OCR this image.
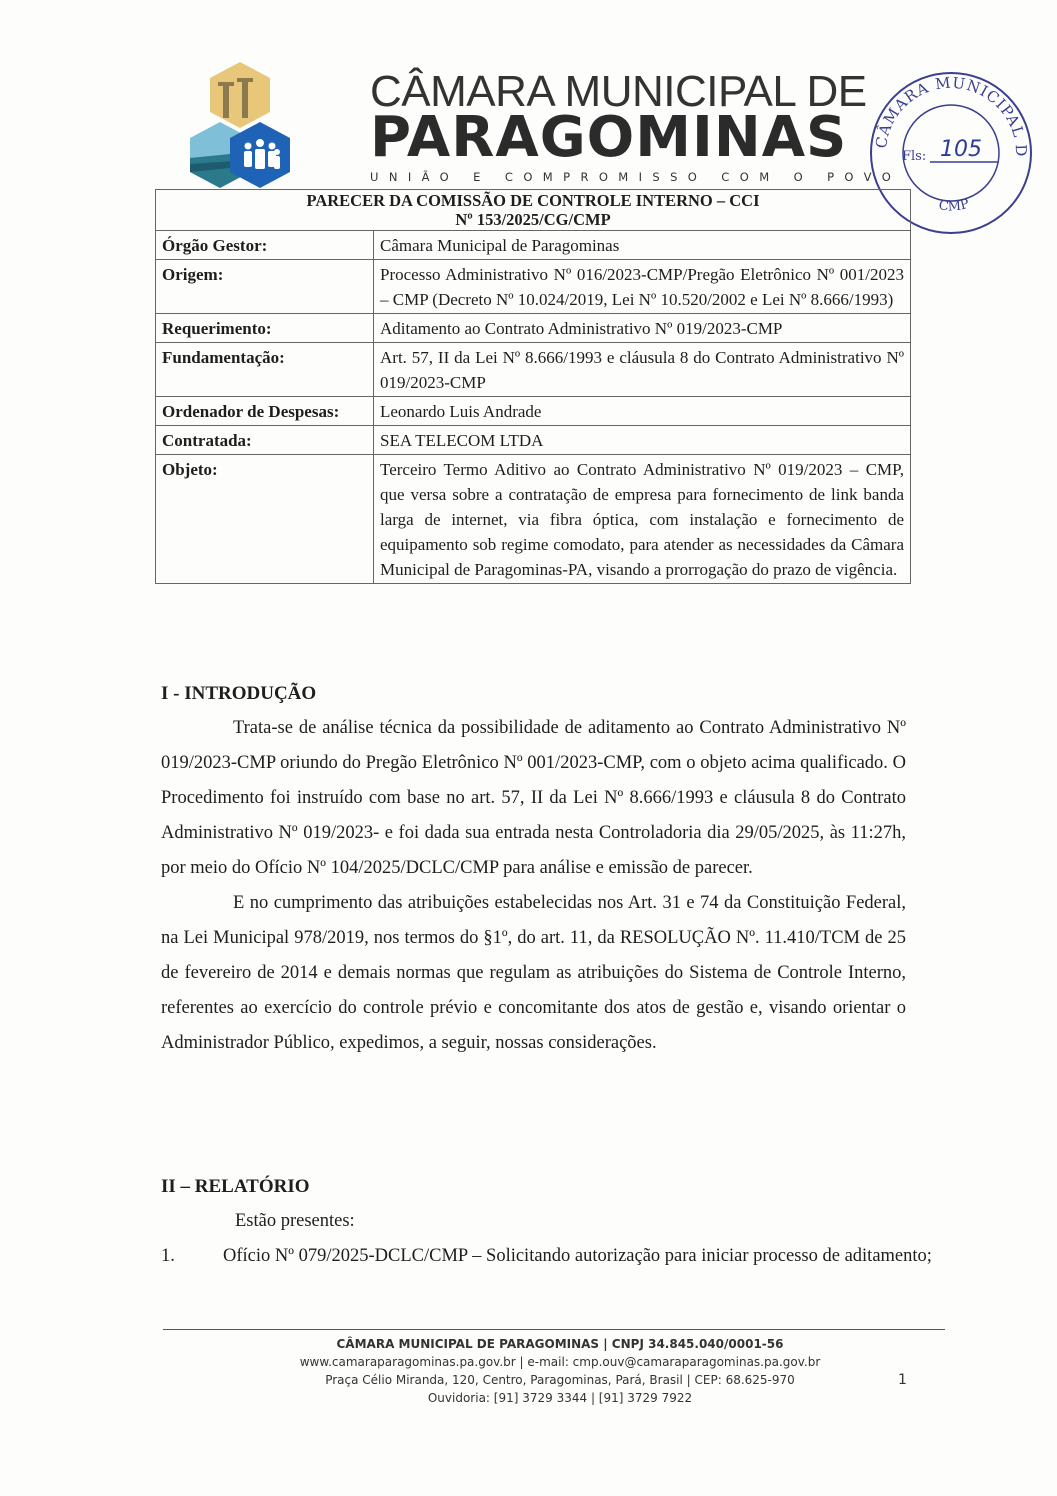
CÂMARA MUNICIPAL DE
PARAGOMINAS
UNIÃO E COMPROMISSO COM O POVO
CÂMARA MUNICIPAL D
CMP
Fls: 105
PARECER DA COMISSÃO DE CONTROLE INTERNO – CCI
Nº 153/2025/CG/CMP	

Órgão Gestor:	Câmara Municipal de Paragominas
Origem:	Processo Administrativo Nº 016/2023-CMP/Pregão Eletrônico Nº 001/2023 – CMP (Decreto Nº 10.024/2019, Lei Nº 10.520/2002 e Lei Nº 8.666/1993)
Requerimento:	Aditamento ao Contrato Administrativo Nº 019/2023-CMP
Fundamentação:	Art. 57, II da Lei Nº 8.666/1993 e cláusula 8 do Contrato Administrativo Nº 019/2023-CMP
Ordenador de Despesas:	Leonardo Luis Andrade
Contratada:	SEA TELECOM LTDA
Objeto:	Terceiro Termo Aditivo ao Contrato Administrativo Nº 019/2023 – CMP, que versa sobre a contratação de empresa para fornecimento de link banda larga de internet, via fibra óptica, com instalação e fornecimento de equipamento sob regime comodato, para atender as necessidades da Câmara Municipal de Paragominas-PA, visando a prorrogação do prazo de vigência.
I - INTRODUÇÃO

Trata-se de análise técnica da possibilidade de aditamento ao Contrato Administrativo Nº 019/2023-CMP oriundo do Pregão Eletrônico Nº 001/2023-CMP, com o objeto acima qualificado. O Procedimento foi instruído com base no art. 57, II da Lei Nº 8.666/1993 e cláusula 8 do Contrato Administrativo Nº 019/2023- e foi dada sua entrada nesta Controladoria dia 29/05/2025, às 11:27h, por meio do Ofício Nº 104/2025/DCLC/CMP para análise e emissão de parecer.

E no cumprimento das atribuições estabelecidas nos Art. 31 e 74 da Constituição Federal, na Lei Municipal 978/2019, nos termos do §1º, do art. 11, da RESOLUÇÃO Nº. 11.410/TCM de 25 de fevereiro de 2014 e demais normas que regulam as atribuições do Sistema de Controle Interno, referentes ao exercício do controle prévio e concomitante dos atos de gestão e, visando orientar o Administrador Público, expedimos, a seguir, nossas considerações.

II – RELATÓRIO

Estão presentes:

1.	Ofício Nº 079/2025-DCLC/CMP – Solicitando autorização para iniciar processo de aditamento;
CÂMARA MUNICIPAL DE PARAGOMINAS | CNPJ 34.845.040/0001-56
www.camaraparagominas.pa.gov.br | e-mail: cmp.ouv@camaraparagominas.pa.gov.br
Praça Célio Miranda, 120, Centro, Paragominas, Pará, Brasil | CEP: 68.625-970
Ouvidoria: [91] 3729 3344 | [91] 3729 7922
1
